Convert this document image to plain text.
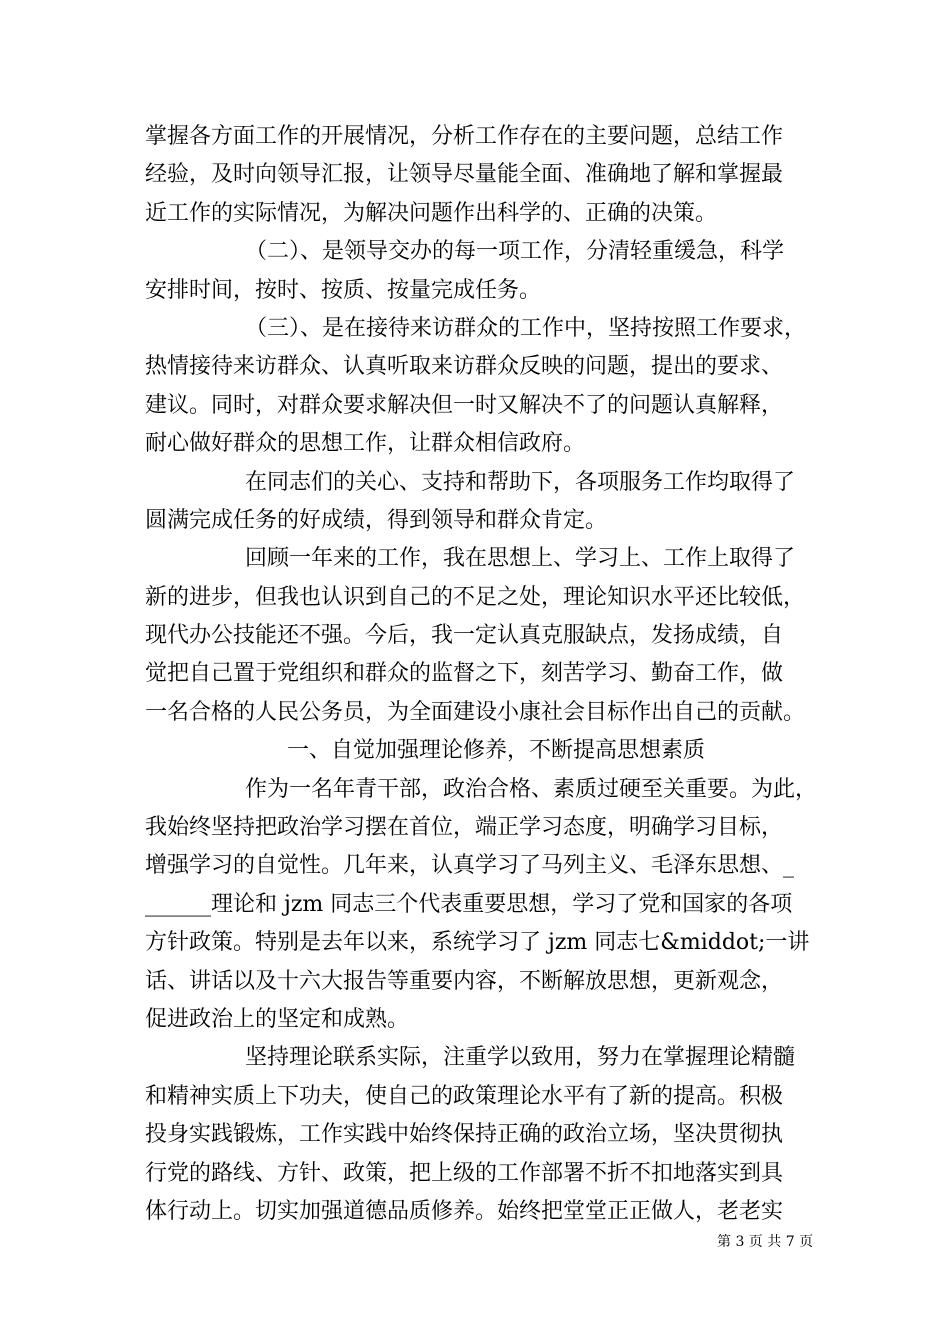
掌握各方面工作的开展情况，分析工作存在的主要问题，总结工作
经验，及时向领导汇报，让领导尽量能全面、准确地了解和掌握最
近工作的实际情况，为解决问题作出科学的、正确的决策。
（二）、是领导交办的每一项工作，分清轻重缓急，科学
安排时间，按时、按质、按量完成任务。
（三）、是在接待来访群众的工作中，坚持按照工作要求，
热情接待来访群众、认真听取来访群众反映的问题，提出的要求、
建议。同时，对群众要求解决但一时又解决不了的问题认真解释，
耐心做好群众的思想工作，让群众相信政府。
在同志们的关心、支持和帮助下，各项服务工作均取得了
圆满完成任务的好成绩，得到领导和群众肯定。
回顾一年来的工作，我在思想上、学习上、工作上取得了
新的进步，但我也认识到自己的不足之处，理论知识水平还比较低，
现代办公技能还不强。今后，我一定认真克服缺点，发扬成绩，自
觉把自己置于党组织和群众的监督之下，刻苦学习、勤奋工作，做
一名合格的人民公务员，为全面建设小康社会目标作出自己的贡献。
一、自觉加强理论修养，不断提高思想素质
作为一名年青干部，政治合格、素质过硬至关重要。为此，
我始终坚持把政治学习摆在首位，端正学习态度，明确学习目标，
增强学习的自觉性。几年来，认真学习了马列主义、毛泽东思想、_
______理论和 jzm 同志三个代表重要思想，学习了党和国家的各项
方针政策。特别是去年以来，系统学习了 jzm 同志七&middot;一讲
话、讲话以及十六大报告等重要内容，不断解放思想，更新观念，
促进政治上的坚定和成熟。
坚持理论联系实际，注重学以致用，努力在掌握理论精髓
和精神实质上下功夫，使自己的政策理论水平有了新的提高。积极
投身实践锻炼，工作实践中始终保持正确的政治立场，坚决贯彻执
行党的路线、方针、政策，把上级的工作部署不折不扣地落实到具
体行动上。切实加强道德品质修养。始终把堂堂正正做人，老老实
第 3 页 共 7 页
